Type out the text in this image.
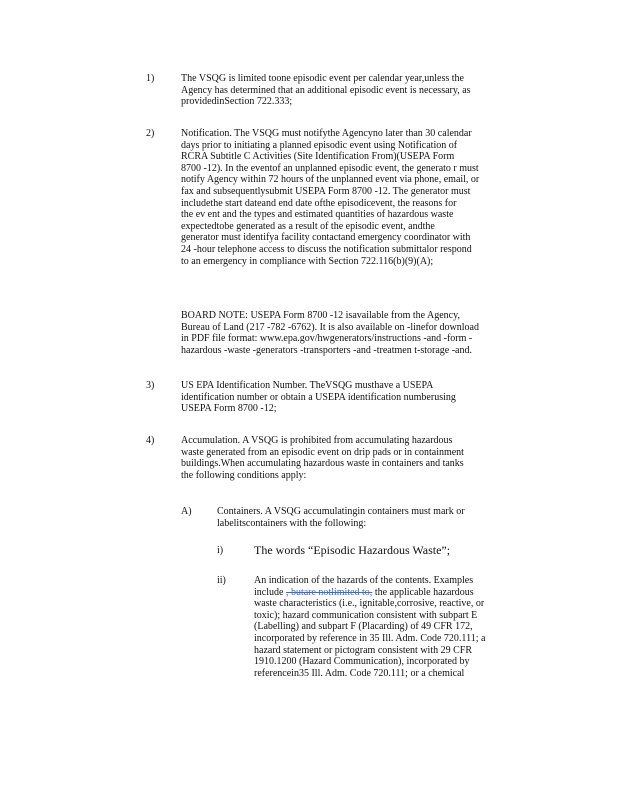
1)	The VSQG is limited toone episodic event per calendar year,unless the
Agency has determined that an additional episodic event is necessary, as
providedinSection 722.333;
2)	Notification. The VSQG must notifythe Agencyno later than 30 calendar
days prior to initiating a planned episodic event using Notification of
RCRA Subtitle C Activities (Site Identification From)(USEPA Form
8700 -12). In the eventof an unplanned episodic event, the generato r must
notify Agency within 72 hours of the unplanned event via phone, email, or
fax and subsequentlysubmit USEPA Form 8700 -12. The generator must
includethe start dateand end date ofthe episodicevent, the reasons for
the ev ent and the types and estimated quantities of hazardous waste
expectedtobe generated as a result of the episodic event, andthe
generator must identifya facility contactand emergency coordinator with
24 -hour telephone access to discuss the notification submittalor respond
to an emergency in compliance with Section 722.116(b)(9)(A);
BOARD NOTE: USEPA Form 8700 -12 isavailable from the Agency,
Bureau of Land (217 -782 -6762). It is also available on -linefor download
in PDF file format: www.epa.gov/hwgenerators/instructions -and -form -
hazardous -waste -generators -transporters -and -treatmen t-storage -and.
3)	US EPA Identification Number. TheVSQG musthave a USEPA
identification number or obtain a USEPA identification numberusing
USEPA Form 8700 -12;
4)	Accumulation. A VSQG is prohibited from accumulating hazardous
waste generated from an episodic event on drip pads or in containment
buildings.When accumulating hazardous waste in containers and tanks
the following conditions apply:
A)	Containers. A VSQG accumulatingin containers must mark or
labelitscontainers with the following:
i)	The words “Episodic Hazardous Waste”;
ii)	An indication of the hazards of the contents. Examples
include , butare notlimited to, the applicable hazardous
waste characteristics (i.e., ignitable,corrosive, reactive, or
toxic); hazard communication consistent with subpart E
(Labelling) and subpart F (Placarding) of 49 CFR 172,
incorporated by reference in 35 Ill. Adm. Code 720.111; a
hazard statement or pictogram consistent with 29 CFR
1910.1200 (Hazard Communication), incorporated by
referencein35 Ill. Adm. Code 720.111; or a chemical
